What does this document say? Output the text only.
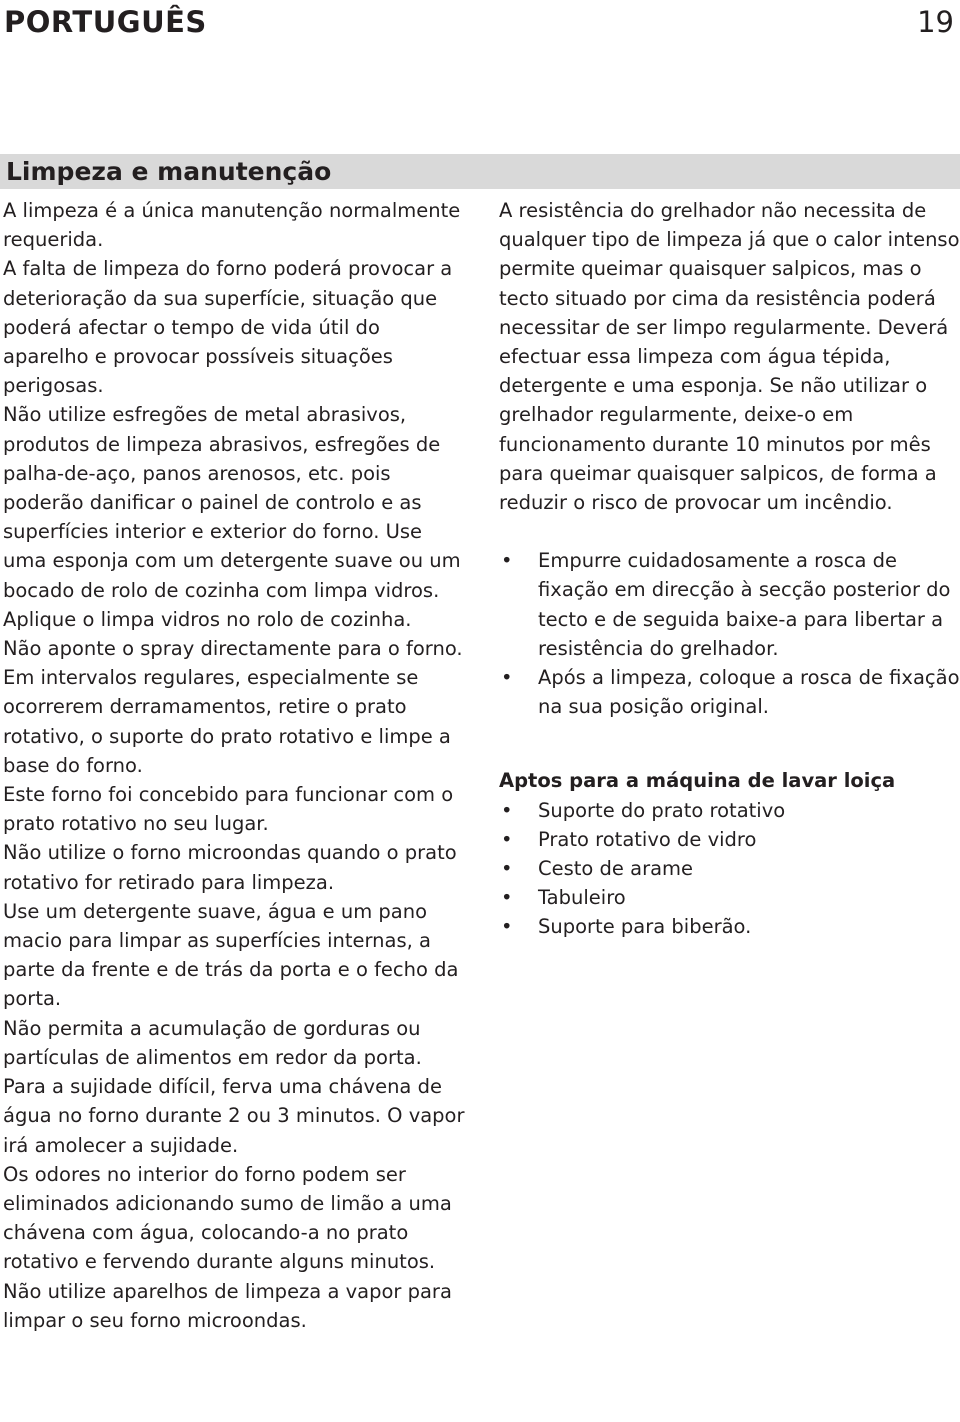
PORTUGUÊS	19
Limpeza e manutenção

A limpeza é a única manutenção normalmente requerida.

A falta de limpeza do forno poderá provocar a deterioração da sua superfície, situação que poderá afectar o tempo de vida útil do aparelho e provocar possíveis situações perigosas.

Não utilize esfregões de metal abrasivos, produtos de limpeza abrasivos, esfregões de palha-de-aço, panos arenosos, etc. pois poderão danificar o painel de controlo e as superfícies interior e exterior do forno. Use uma esponja com um detergente suave ou um bocado de rolo de cozinha com limpa vidros. Aplique o limpa vidros no rolo de cozinha.

Não aponte o spray directamente para o forno.

Em intervalos regulares, especialmente se ocorrerem derramamentos, retire o prato rotativo, o suporte do prato rotativo e limpe a base do forno.

Este forno foi concebido para funcionar com o prato rotativo no seu lugar.

Não utilize o forno microondas quando o prato rotativo for retirado para limpeza.

Use um detergente suave, água e um pano macio para limpar as superfícies internas, a parte da frente e de trás da porta e o fecho da porta.

Não permita a acumulação de gorduras ou partículas de alimentos em redor da porta.

Para a sujidade difícil, ferva uma chávena de água no forno durante 2 ou 3 minutos. O vapor irá amolecer a sujidade.

Os odores no interior do forno podem ser eliminados adicionando sumo de limão a uma chávena com água, colocando-a no prato rotativo e fervendo durante alguns minutos.

Não utilize aparelhos de limpeza a vapor para limpar o seu forno microondas.

A resistência do grelhador não necessita de qualquer tipo de limpeza já que o calor intenso permite queimar quaisquer salpicos, mas o tecto situado por cima da resistência poderá necessitar de ser limpo regularmente. Deverá efectuar essa limpeza com água tépida, detergente e uma esponja. Se não utilizar o grelhador regularmente, deixe-o em funcionamento durante 10 minutos por mês para queimar quaisquer salpicos, de forma a reduzir o risco de provocar um incêndio.

• Empurre cuidadosamente a rosca de fixação em direcção à secção posterior do tecto e de seguida baixe-a para libertar a resistência do grelhador.
• Após a limpeza, coloque a rosca de fixação na sua posição original.

Aptos para a máquina de lavar loiça

• Suporte do prato rotativo
• Prato rotativo de vidro
• Cesto de arame
• Tabuleiro
• Suporte para biberão.
